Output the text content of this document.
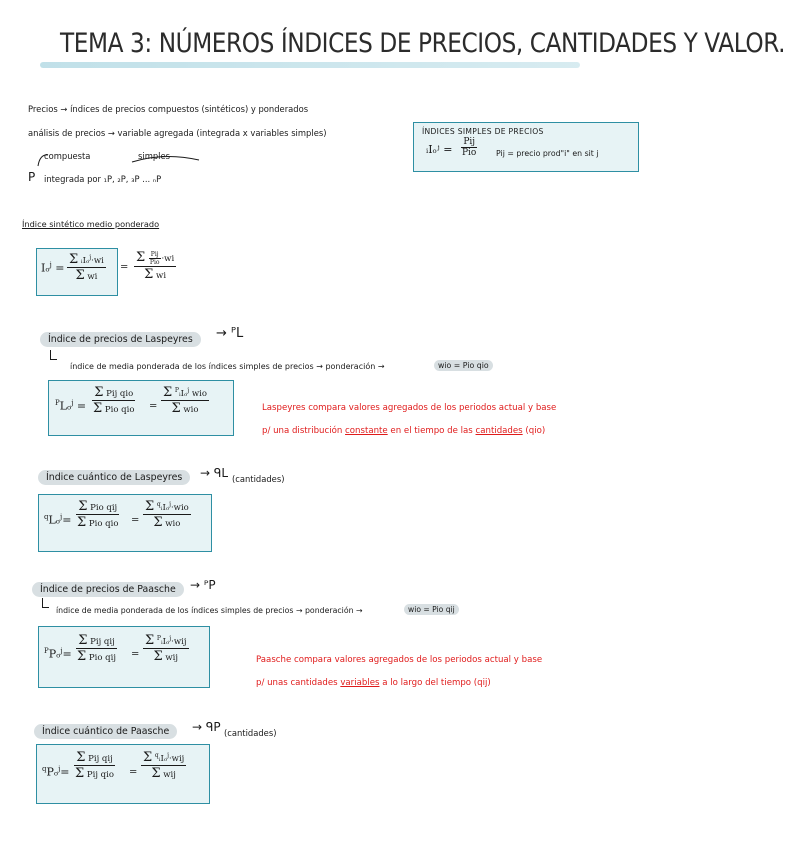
TEMA 3: NÚMEROS ÍNDICES DE PRECIOS, CANTIDADES Y VALOR.
Precios → índices de precios compuestos (sintéticos) y ponderados
análisis de precios → variable agregada (integrada x variables simples)
compuesta	simples
P integrada por ₁P, ₂P, ₃P ... ₙP
ÍNDICES SIMPLES DE PRECIOS
ᵢIₒʲ = $\frac{\text{Pij}}{\text{Pio}}$ Pij = precio prod"i" en sit j
Índice sintético medio ponderado
$I_o^j = \frac{\Sigma ᵢI_o^j\cdot wi}{\text{Σ wi}} = \frac{\Sigma \frac{\text{Pij}}{\text{Pio}} \cdot wi}{\text{Σ wi}}$
Índice de precios de Laspeyres	→ ᴾL
índice de media ponderada de los índices simples de precios → ponderación →	wio = Pio qio
$^PL_o^j = \frac{\text{Σ Pij qio}}{\text{Σ Pio qio}} = \frac{\Sigma ^PᵢI_o^j wio}{\text{Σ wio}}$	Laspeyres compara valores agregados de los periodos actual y base
p/ una distribución constante en el tiempo de las cantidades (qio)
Índice cuántico de Laspeyres	→ ᑫL (cantidades)
$^qL_o^j= \frac{\text{Σ Pio qij}}{\text{Σ Pio qio}} = \frac{\Sigma ^qᵢI_o^j\cdot wio}{\text{Σ wio}}$
Índice de precios de Paasche	→ ᴾP
índice de media ponderada de los índices simples de precios → ponderación →	wio = Pio qij
$^PP_o^j= \frac{\text{Σ Pij qij}}{\text{Σ Pio qij}} = \frac{\Sigma ^PᵢI_o^j\cdot wij}{\text{Σ wij}}$	Paasche compara valores agregados de los periodos actual y base
p/ unas cantidades variables a lo largo del tiempo (qij)
Índice cuántico de Paasche	→ ᑫP (cantidades)
$^qP_o^j= \frac{\text{Σ Pij qij}}{\text{Σ Pij qio}} = \frac{\Sigma ^qᵢI_o^j\cdot wij}{\text{Σ wij}}$
